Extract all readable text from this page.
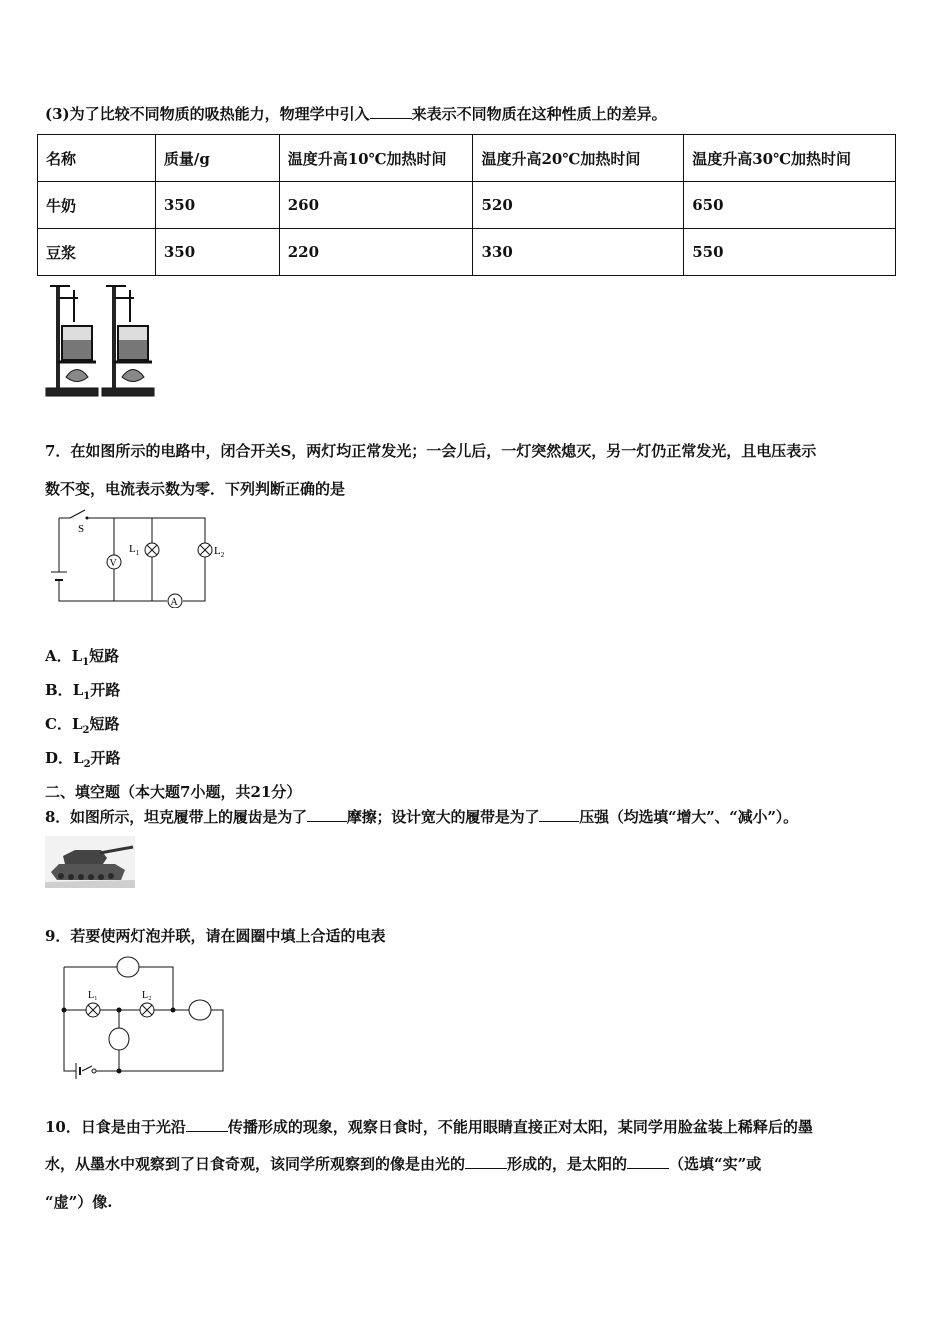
(3)为了比较不同物质的吸热能力，物理学中引入	来表示不同物质在这种性质上的差异。
名称	质量/g	温度升高10℃加热时间	温度升高20℃加热时间	温度升高30℃加热时间
牛奶	350	260	520	650
豆浆	350	220	330	550
7．在如图所示的电路中，闭合开关S，两灯均正常发光；一会儿后，一灯突然熄灭，另一灯仍正常发光，且电压表示
数不变，电流表示数为零．下列判断正确的是
S
V
$L_1$	$L_2$
A
A．$L_1$短路
B．$L_1$开路
C．$L_2$短路
D．$L_2$开路
二、填空题（本大题7小题，共21分）
8．如图所示，坦克履带上的履齿是为了	摩擦；设计宽大的履带是为了	压强（均选填“增大”、“减小”）。
9．若要使两灯泡并联，请在圆圈中填上合适的电表
L₁	L₂
10．日食是由于光沿	传播形成的现象，观察日食时，不能用眼睛直接正对太阳，某同学用脸盆装上稀释后的墨
水，从墨水中观察到了日食奇观，该同学所观察到的像是由光的	形成的，是太阳的	（选填“实”或
“虚”）像.
